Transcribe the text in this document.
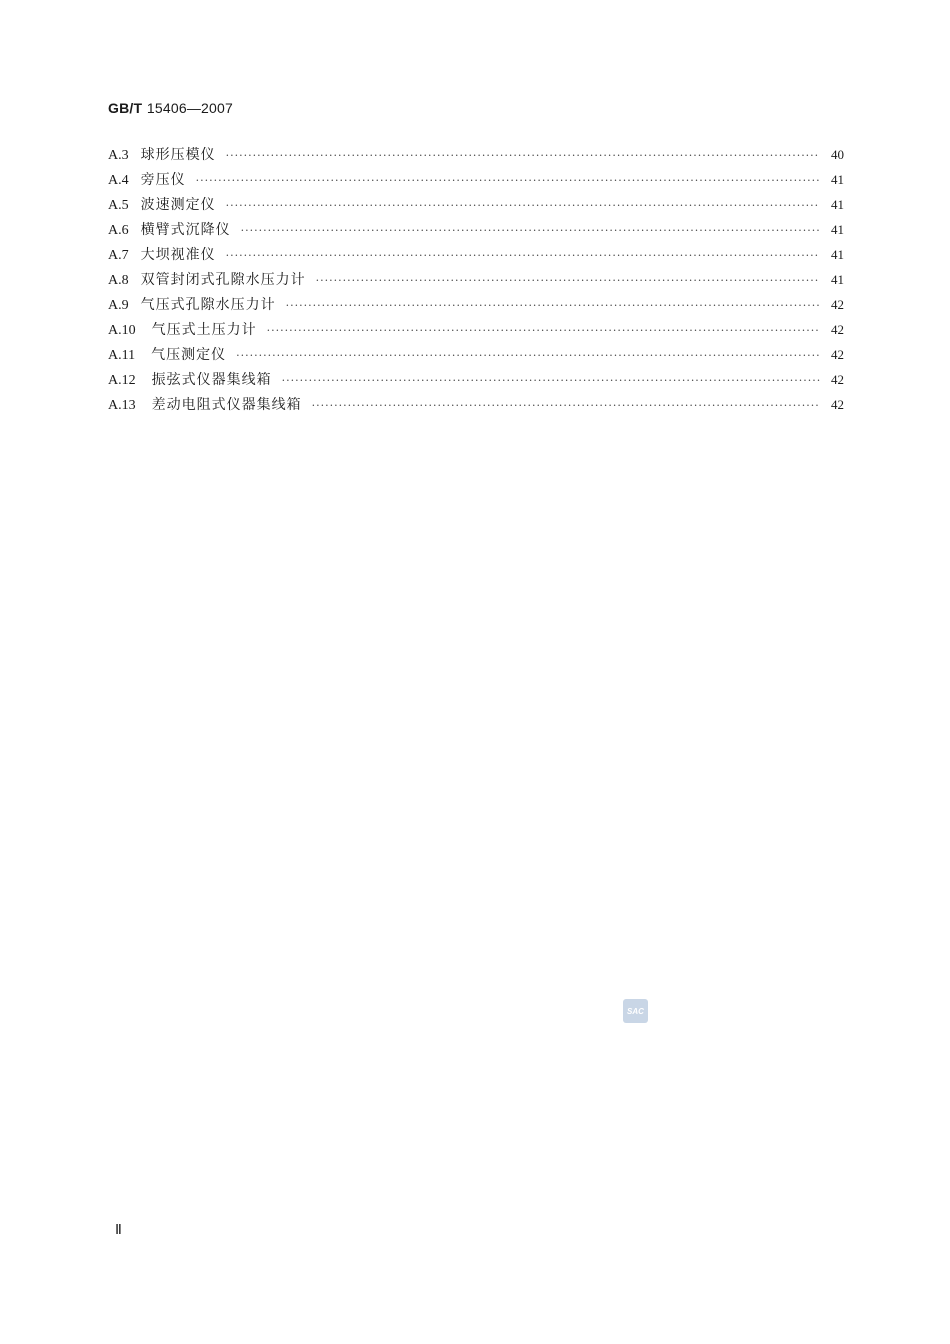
GB/T 15406—2007
A.3 球形压模仪 ·····	40
A.4 旁压仪 ·····	41
A.5 波速测定仪 ·····	41
A.6 横臂式沉降仪 ·····	41
A.7 大坝视准仪 ·····	41
A.8 双管封闭式孔隙水压力计 ·····	41
A.9 气压式孔隙水压力计 ·····	42
A.10 气压式土压力计 ·····	42
A.11 气压测定仪 ·····	42
A.12 振弦式仪器集线箱 ·····	42
A.13 差动电阻式仪器集线箱 ·····	42
SAC
Ⅱ
